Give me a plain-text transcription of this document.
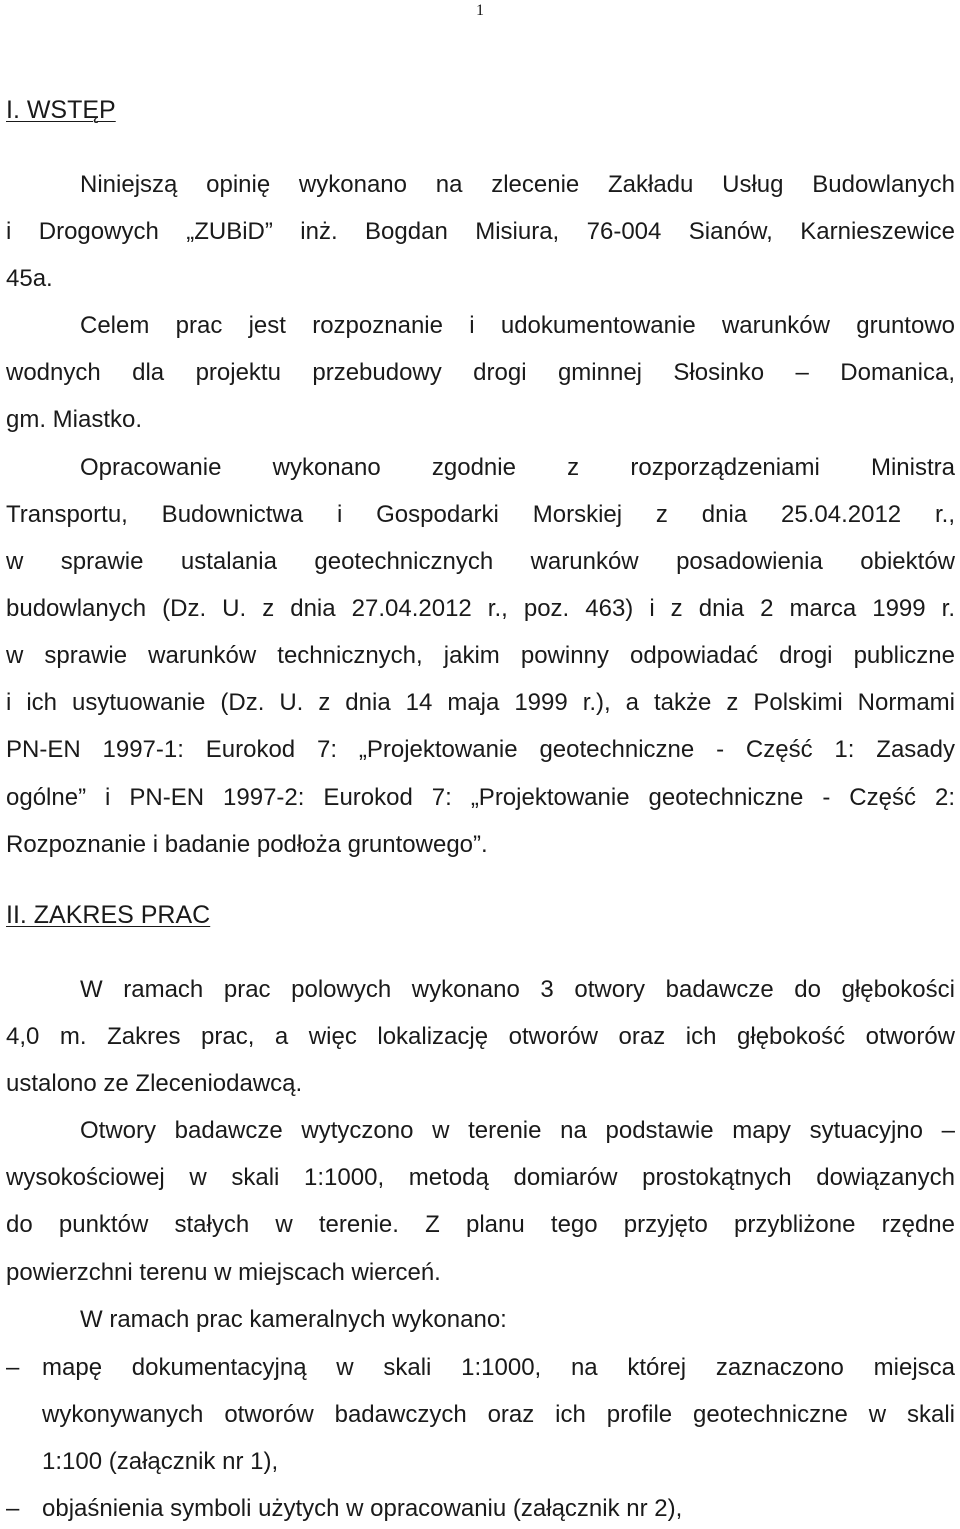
1
I. WSTĘP
Niniejszą opinię wykonano na zlecenie Zakładu Usług Budowlanych
i Drogowych „ZUBiD” inż. Bogdan Misiura, 76-004 Sianów, Karnieszewice
45a.
Celem prac jest rozpoznanie i udokumentowanie warunków gruntowo
wodnych dla projektu przebudowy drogi gminnej Słosinko – Domanica,
gm. Miastko.
Opracowanie wykonano zgodnie z rozporządzeniami Ministra
Transportu, Budownictwa i Gospodarki Morskiej z dnia 25.04.2012 r.,
w sprawie ustalania geotechnicznych warunków posadowienia obiektów
budowlanych (Dz. U. z dnia 27.04.2012 r., poz. 463) i z dnia 2 marca 1999 r.
w sprawie warunków technicznych, jakim powinny odpowiadać drogi publiczne
i ich usytuowanie (Dz. U. z dnia 14 maja 1999 r.), a także z Polskimi Normami
PN-EN 1997-1: Eurokod 7: „Projektowanie geotechniczne - Część 1: Zasady
ogólne” i PN-EN 1997-2: Eurokod 7: „Projektowanie geotechniczne - Część 2:
Rozpoznanie i badanie podłoża gruntowego”.
II. ZAKRES PRAC
W ramach prac polowych wykonano 3 otwory badawcze do głębokości
4,0 m. Zakres prac, a więc lokalizację otworów oraz ich głębokość otworów
ustalono ze Zleceniodawcą.
Otwory badawcze wytyczono w terenie na podstawie mapy sytuacyjno –
wysokościowej w skali 1:1000, metodą domiarów prostokątnych dowiązanych
do punktów stałych w terenie. Z planu tego przyjęto przybliżone rzędne
powierzchni terenu w miejscach wierceń.
W ramach prac kameralnych wykonano:
– mapę dokumentacyjną w skali 1:1000, na której zaznaczono miejsca
wykonywanych otworów badawczych oraz ich profile geotechniczne w skali
1:100 (załącznik nr 1),
– objaśnienia symboli użytych w opracowaniu (załącznik nr 2),
